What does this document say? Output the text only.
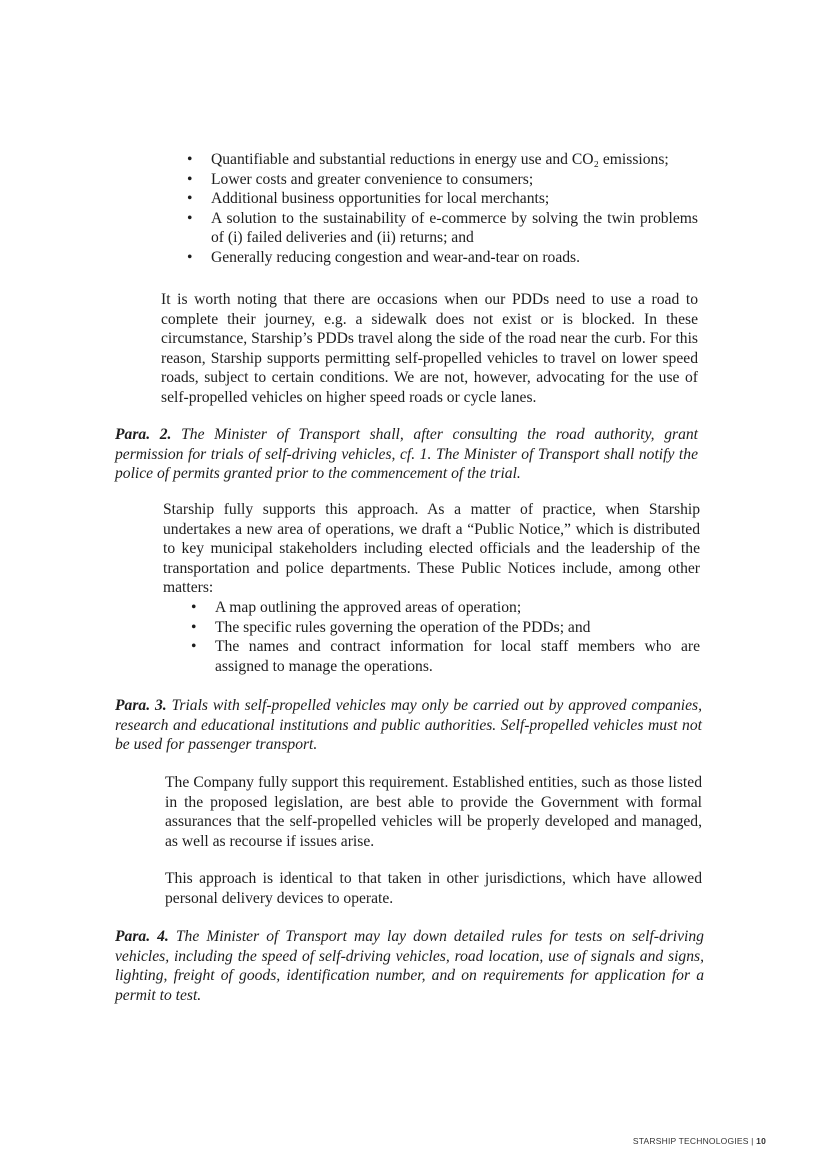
•	Quantifiable and substantial reductions in energy use and CO₂ emissions;
•	Lower costs and greater convenience to consumers;
•	Additional business opportunities for local merchants;
•	A solution to the sustainability of e-commerce by solving the twin problems of (i) failed deliveries and (ii) returns; and
•	Generally reducing congestion and wear-and-tear on roads.

It is worth noting that there are occasions when our PDDs need to use a road to complete their journey, e.g. a sidewalk does not exist or is blocked. In these circumstance, Starship’s PDDs travel along the side of the road near the curb. For this reason, Starship supports permitting self-propelled vehicles to travel on lower speed roads, subject to certain conditions. We are not, however, advocating for the use of self-propelled vehicles on higher speed roads or cycle lanes.

Para. 2. The Minister of Transport shall, after consulting the road authority, grant permission for trials of self-driving vehicles, cf. 1. The Minister of Transport shall notify the police of permits granted prior to the commencement of the trial.

Starship fully supports this approach. As a matter of practice, when Starship undertakes a new area of operations, we draft a “Public Notice,” which is distributed to key municipal stakeholders including elected officials and the leadership of the transportation and police departments. These Public Notices include, among other matters:

•	A map outlining the approved areas of operation;
•	The specific rules governing the operation of the PDDs; and
•	The names and contract information for local staff members who are assigned to manage the operations.

Para. 3. Trials with self-propelled vehicles may only be carried out by approved companies, research and educational institutions and public authorities. Self-propelled vehicles must not be used for passenger transport.

The Company fully support this requirement. Established entities, such as those listed in the proposed legislation, are best able to provide the Government with formal assurances that the self-propelled vehicles will be properly developed and managed, as well as recourse if issues arise.

This approach is identical to that taken in other jurisdictions, which have allowed personal delivery devices to operate.

Para. 4. The Minister of Transport may lay down detailed rules for tests on self-driving vehicles, including the speed of self-driving vehicles, road location, use of signals and signs, lighting, freight of goods, identification number, and on requirements for application for a permit to test.

STARSHIP TECHNOLOGIES | 10
